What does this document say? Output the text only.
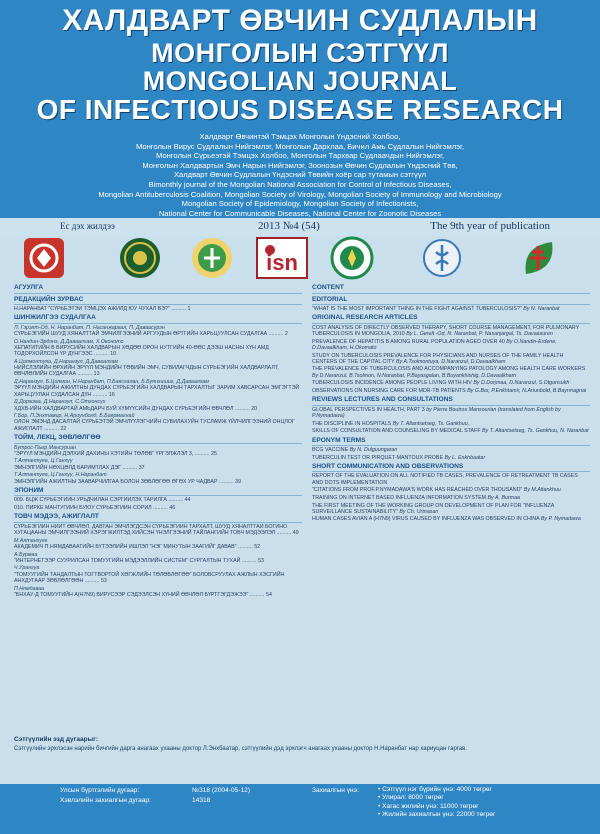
ХАЛДВАРТ ӨВЧИН СУДЛАЛЫН
МОНГОЛЫН СЭТГҮҮЛ
MONGOLIAN JOURNAL
OF INFECTIOUS DISEASE RESEARCH
Халдварт Өвчинтэй Тэмцэх Монголын Үндэсний Холбоо,
Монголын Вирус Судлалын Нийгэмлэг, Монголын Дархлаа, Бичил Амь Судлалын Нийгэмлэг,
Монголын Сүрьеэтэй Тэмцэх Холбоо, Монголын Тархвар Судлаачдын Нийгэмлэг,
Монголын Халдвартын Эмч Нарын Нийгэмлэг, Зоонозын Өвчин Судлалын Үндэсний Төв,
Халдварт Өвчин Судлалын Үндэсний Төвийн хоёр сар тутамын сэтгүүл
Bimonthly journal of the Mongolian National Association for Control of Infectious Diseases,
Mongolian Antituberculosis Coalition, Mongolian Society of Virology, Mongolian Society of Immunology and Microbiology
Mongolian Society of Epidemiology, Mongolian Society of Infectionists,
National Center for Communicable Diseases, National Center for Zoonotic Diseases
Ес дэх жилдээ	2013 №4 (54)	The 9th year of publication
isn
АГУУЛГА
РЕДАКЦИЙН ЗУРВАС
Н.НАРАНБАТ "СҮРЬЕЭТЭЙ ТЭМЦЭХ АЖИЛД ЮУ ЧУХАЛ ВЭ?" .......... 1
ШИНЖИЛГЭЭ СУДАЛГАА
Л. Гэрэлт-Од, Н. Наранбат, П. Насанжаргал, П. Даваасүрэн
СҮРЬЕЭГИЙН ШУУД ХЯНАЛТТАЙ ЭМЧИЛГЭЭНИЙ АРГУУДЫН ӨРТГИЙН ХАРЬЦУУЛСАН СУДАЛГАА .......... 2
О.Нандин-Эрдэнэ, Д.Даваалхам, Х.Оконото
ХЕПАТИТИЙН В ВИРУСИЙН ХАЛДВАРЫН ХӨДӨӨ ОРОН НУТГИЙН 40-ӨӨС ДЭЭШ НАСНЫ ХҮН АМД ТОДОРХОЙЛСОН ҮР ДҮНГЭЭС .......... 10
А.Цолмонтуяа, Д.Наранзул, Д.Даваалхам
НИЙСЛЭЛИЙН ӨРХИЙН ЭРҮҮЛ МЭНДИЙН ТӨВИЙН ЭМЧ, СУВИЛАГЧДЫН СҮРЬЕЭГИЙН ХАЛДВАРЛАЛТ, ӨВЧЛӨЛИЙН СУДАЛГАА .......... 13
Д.Наранзул, Б.Цолмон, Н.Наранбат, П.Баясгалан, Б.Буянхишиг, Д.Даваалхам
ЭРҮҮЛ МЭНДИЙН АЖИЛТНЫ ДУНДАХ СҮРЬЕЭГИЙН ХАЛДВАРЫН ТАРХАЛТЫГ ЗАРИМ ХАВСАРСАН ЭМГЭГТЭЙ ХАРЬЦУУЛАН СУДАЛСАН ДҮН .......... 16
Д.Доржзаа, Д.Наранзул, С.Отгонсүх
ХДХВ-ИЙН ХАЛДВАРТАЙ АМЬДАРЧ БУЙ ХҮМҮҮСИЙН ДУНДАХ СҮРЬЕЭГИЙН ӨВЧЛӨЛ .......... 20
Г.Бор, П.Энхтамир, Н.Ариунболд, Б.Баярмагнай
ОЛОН ЭМЭНД ДАСАЛТАЙ СҮРЬЕЭТЭЙ ЭМЧЛҮҮЛЭГЧИЙН СУВИЛАХУЙН ТУСЛАМЖ ҮЙЛЧИЛГЭЭНИЙ ОНЦЛОГ АЖИГЛАЛТ .......... 22
ТОЙМ, ЛЕКЦ, ЗӨВЛӨЛГӨӨ
Бутрос-Пьер Мансуриан
"ЭРҮҮЛ МЭНДИЙН ДЭЛХИЙ ДАХИНЫ ХЭТИЙН ТӨЛӨВ" ҮРГЭЛЖЛЭЛ 3, .......... 25
Т.Алтантуяа, Ц.Ганхүү
ЭМНЭЛГИЙН НӨХЦӨЛД БАРИМТЛАХ ДЭГ .......... 37
Т.Алтантуяа, Ц.Ганхүү, Н.Наранбат
ЭМНЭЛГИЙН АЖИЛТНЫ ЗААВАРЧИЛГАА БОЛОН ЗӨВЛӨГӨӨ ӨГӨХ УР ЧАДВАР .......... 39
ЭПОНИМ
009. БЦЖ СҮРЬЕЭГИЙН УРЬДЧИЛАН СЭРГИЙЛЭХ ТАРИЛГА .......... 44
010. ПИРКЕ МАНТУГИЙН БУЮУ СҮРЬЕЭГИЙН СОРИЛ .......... 46
ТОВЧ МЭДЭЭ, АЖИГЛАЛТ
СҮРЬЕЭГИЙН НИЙТ ӨВЧЛӨЛ, ДАВТАН ЭМЧЛЭГДСЭН СҮРЬЕЭГИЙН ТАРХАЛТ, ШУУД ХЯНАЛТТАЙ БОГИНО ХУГАЦААНЫ ЭМЧИЛГЭЭНИЙ ХЭРЭГЖИЛТЭД ХИЙСЭН ҮНЭЛГЭЭНИЙ ТАЙЛАНГИЙН ТОВЧ МЭДЭЭЛЭЛ .......... 49
М.Алтанхуяг
АКАДЕМИЧ П.НЯМДАВААГИЙН БҮТЭЭЛИЙН ИШЛЭЛ "НЭГ МИНУТЫН ЗААГИЙГ ДАВАВ" .......... 52
А.Бурмаа
"ИНТЕРНЕТЭЭР СУУРИЛСАН ТОМУУГИЙН МЭДЭЭЛЛИЙН СИСТЕМ" СУРГАЛТЫН ТУХАЙ .......... 53
Ч.Урангуа
"ТОМУУГИЙН ТАНДАЛТЫН ТОГТВОРТОЙ ХӨГЖЛИЙН ТӨЛӨВЛӨГӨӨ" БОЛОВСРУУЛАХ АЖЛЫН ХЭСГИЙН АНХДУГААР ЗӨВЛӨЛГӨӨН .......... 53
П.Нямдаваа
"БНХАУ-Д ТОМУУГИЙН А(H7N9) ВИРУСЭЭР СЭДЭЭЛСЭН ХҮНИЙ ӨВЧЛӨЛ БҮРТГЭГДЭЖЭЭ" .......... 54
CONTENT
EDITORIAL
"WHAT IS THE MOST IMPORTANT THING IN THE FIGHT AGAINST TUBERCULOSIS?" By N. Naranbat
ORIGINAL RESEARCH ARTICLES
COST ANALYSIS OF DIRECTLY OBSERVED THERAPY, SHORT COURSE MANAGEMENT, FOR PULMONARY TUBERCULOSIS IN MONGOLIA, 2010 By L. Gerelt -Od, N. Naranbat, P. Nasanjargal, Ts. Davaasuren
PREVALENCE OF HEPATITIS B AMONG RURAL POPULATION AGED OVER 40 By O.Nandin-Erdene, D.Davaalkham, H.Okomato
STUDY ON TUBERCULOSIS PREVALENCE FOR PHYSICIANS AND NURSES OF THE FAMILY HEALTH CENTERS OF THE CAPITAL CITY By A.Tsolmontuya, D.Naranzul, D.Davaalkham
THE PREVALENCE OF TUBERCULOSIS AND ACCOMPANYING PATOLOGY AMONG HEALTH CARE WORKERS By D.Naranzul, B.Tsolmon, N.Naranbat, P.Bayasgalan, B.Buyankhishig, D.Davaalkham
TUBERCULOSIS INCIDENCE AMONG PEOPLE LIVING WITH HIV By D.Dorjmaa, D.Naranzul, S.Otgonsukh
OBSERVATIONS ON NURSING CARE FOR MDR-TB PATIENTS By G.Bor, P.Enkhtamir, N.Ariunbold, B.Bayrmagnai
REVIEWS LECTURES AND CONSULTATIONS
GLOBAL PERSPECTIVES IN HEALTH, PART 3 by Pierre Boutros Mansourian (translated from English by P.Nymadawa)
THE DISCIPLINE IN HOSPITALS By T. Altantsetseg, Ts. Gankhuu,
SKILLS OF CONSULTATION AND COUNSELING BY MEDICAL STAFF By T. Altantsetseg, Ts. Gankhuu, N. Naranbat
EPONYM TERMS
BCG VACCINE By N. Dulguungaran
TUBERCULIN TEST OR PIRQUET-MANTOUX PROBE By L. Enkhbaatar
SHORT COMMUNICATION AND OBSERVATIONS
REPORT OF THE EVALUATION ON ALL NOTIFIED TB CASES, PREVALENCE OF RETREATMENT TB CASES AND DOTS IMPLEMENTATION
"CITATIONS FROM PROF.P.NYMADAWA'S WORK HAS REACHED OVER THOUSAND" By M.Altankhuu
TRAINING ON INTERNET BASED INFLUENZA INFORMATION SYSTEM By A. Burmaa
THE FIRST MEETING OF THE WORKING GROUP ON DEVELOPMENT OF PLAN FOR "INFLUENZA SURVEILLANCE SUSTAINABILITY" By Ch. Urtnasan
HUMAN CASES AVIAN A (H7N9) VIRUS CAUSED BY INFLUENZA WAS OBSERVED IN CHINA By P. Nymadawa
Сэтгүүлийн эзд дугаарыг:
Сэтгүүлийн эрхлэсэн нарийн бичгийн дарга анагаах ухааны доктор Л.Энхбаатар, сэтгүүлийн дэд эрхлэгч анагаах ухааны доктор Н.Наранбат нар хариуцан гаргав.
Улсын бүртгэлийн дугаар:	№318 (2004-05-12)
Хэвлэлийн захиалгын дугаар:	14318
Захиалгын үнэ:	• Сэтгүүл нэг бүрийн үнэ: 4000 төгрөг
• Улирал: 8000 төгрөг
• Хагас жилийн үнэ: 11000 төгрөг
• Жилийн захиалгын үнэ: 22000 төгрөг
